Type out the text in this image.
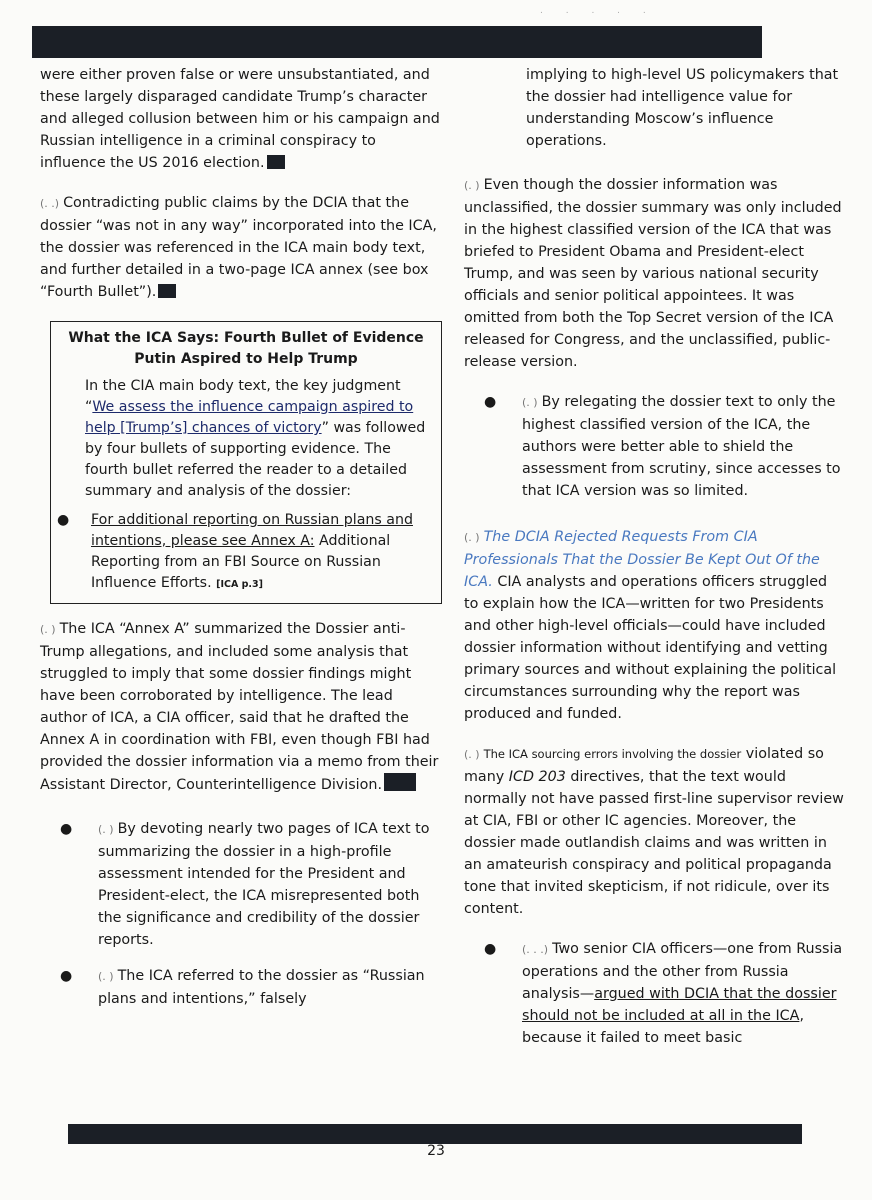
. . . . .

were either proven false or were unsubstantiated, and these largely disparaged candidate Trump’s character and alleged collusion between him or his campaign and Russian intelligence in a criminal conspiracy to influence the US 2016 election.

(. .) Contradicting public claims by the DCIA that the dossier “was not in any way” incorporated into the ICA, the dossier was referenced in the ICA main body text, and further detailed in a two-page ICA annex (see box “Fourth Bullet”).

What the ICA Says: Fourth Bullet of Evidence Putin Aspired to Help Trump
In the CIA main body text, the key judgment “We assess the influence campaign aspired to help [Trump’s] chances of victory” was followed by four bullets of supporting evidence. The fourth bullet referred the reader to a detailed summary and analysis of the dossier:
● For additional reporting on Russian plans and intentions, please see Annex A: Additional Reporting from an FBI Source on Russian Influence Efforts. [ICA p.3]

(. ) The ICA “Annex A” summarized the Dossier anti-Trump allegations, and included some analysis that struggled to imply that some dossier findings might have been corroborated by intelligence. The lead author of ICA, a CIA officer, said that he drafted the Annex A in coordination with FBI, even though FBI had provided the dossier information via a memo from their Assistant Director, Counterintelligence Division.

● (. ) By devoting nearly two pages of ICA text to summarizing the dossier in a high-profile assessment intended for the President and President-elect, the ICA misrepresented both the significance and credibility of the dossier reports.
● (. ) The ICA referred to the dossier as “Russian plans and intentions,” falsely
implying to high-level US policymakers that the dossier had intelligence value for understanding Moscow’s influence operations.

(. ) Even though the dossier information was unclassified, the dossier summary was only included in the highest classified version of the ICA that was briefed to President Obama and President-elect Trump, and was seen by various national security officials and senior political appointees. It was omitted from both the Top Secret version of the ICA released for Congress, and the unclassified, public-release version.

● (. ) By relegating the dossier text to only the highest classified version of the ICA, the authors were better able to shield the assessment from scrutiny, since accesses to that ICA version was so limited.

(. ) The DCIA Rejected Requests From CIA Professionals That the Dossier Be Kept Out Of the ICA. CIA analysts and operations officers struggled to explain how the ICA—written for two Presidents and other high-level officials—could have included dossier information without identifying and vetting primary sources and without explaining the political circumstances surrounding why the report was produced and funded.

(. ) The ICA sourcing errors involving the dossier violated so many ICD 203 directives, that the text would normally not have passed first-line supervisor review at CIA, FBI or other IC agencies. Moreover, the dossier made outlandish claims and was written in an amateurish conspiracy and political propaganda tone that invited skepticism, if not ridicule, over its content.

● (. . .) Two senior CIA officers—one from Russia operations and the other from Russia analysis—argued with DCIA that the dossier should not be included at all in the ICA, because it failed to meet basic
23
